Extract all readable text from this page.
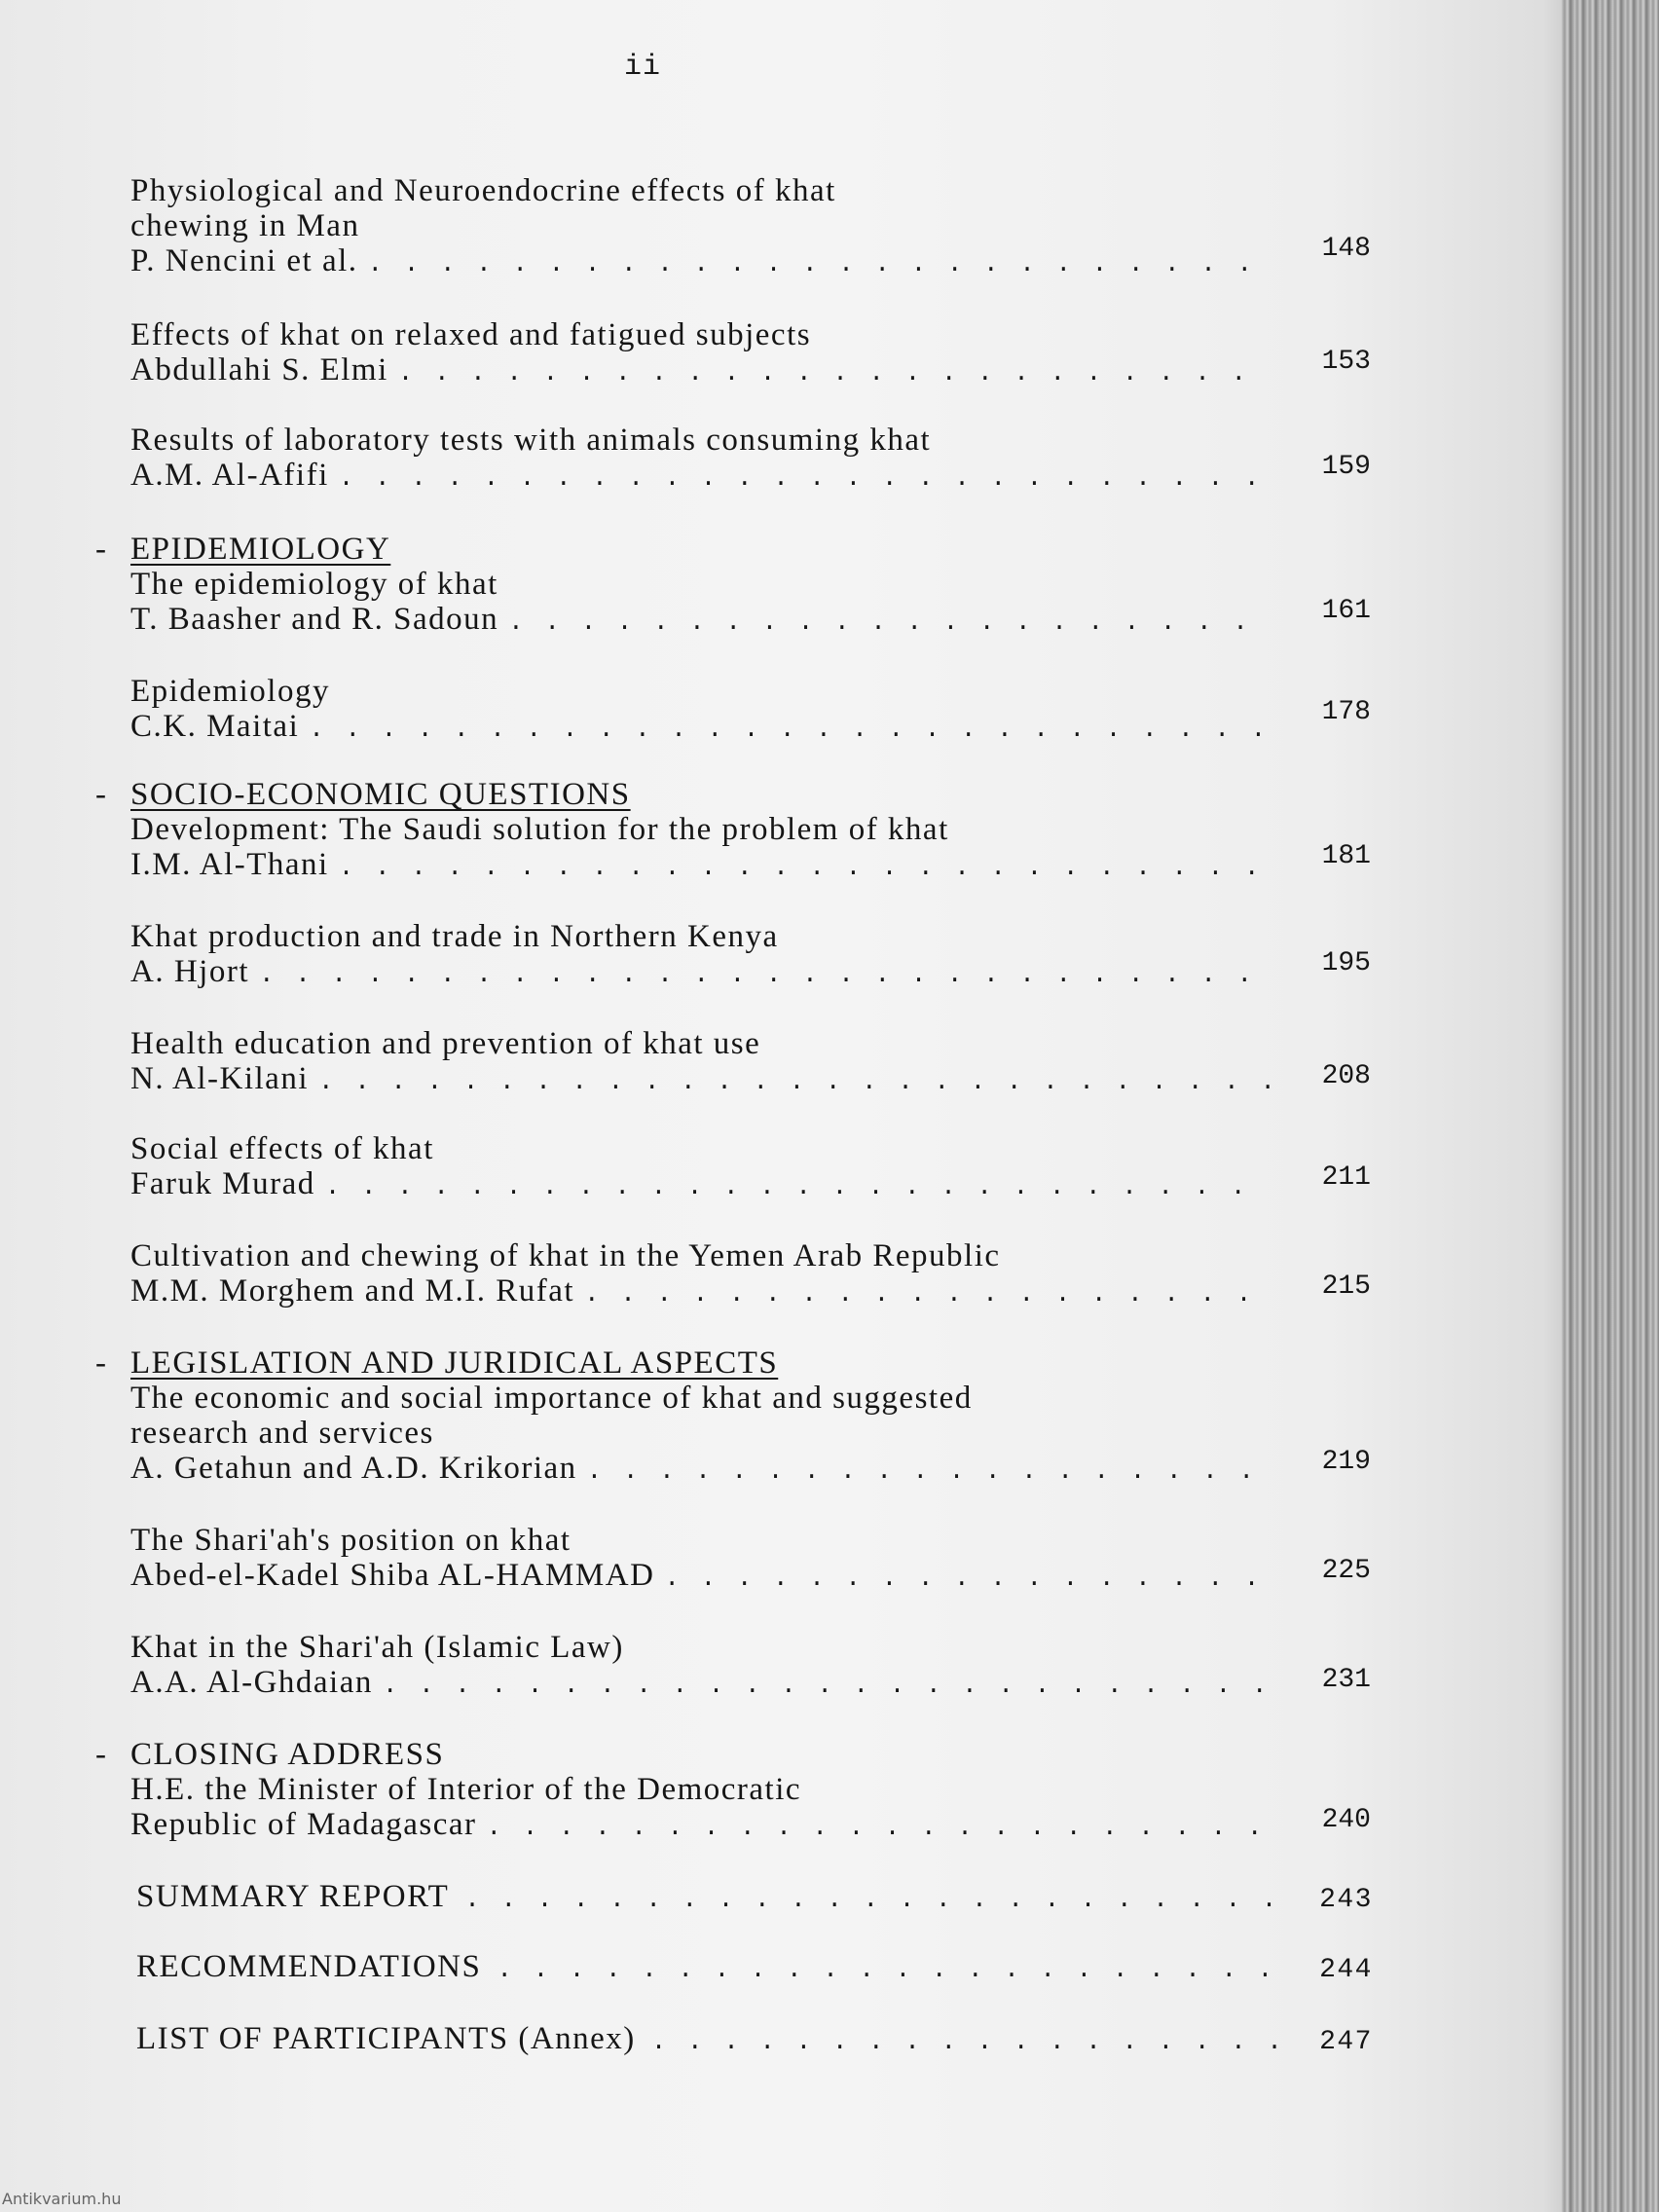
ii
Physiological and Neuroendocrine effects of khat
chewing in Man
P. Nencini et al. . . .	148
Effects of khat on relaxed and fatigued subjects
Abdullahi S. Elmi . . .	153
Results of laboratory tests with animals consuming khat
A.M. Al-Afifi . . .	159
- EPIDEMIOLOGY
The epidemiology of khat
T. Baasher and R. Sadoun . . .	161
Epidemiology
C.K. Maitai . . .	178
- SOCIO-ECONOMIC QUESTIONS
Development: The Saudi solution for the problem of khat
I.M. Al-Thani . . .	181
Khat production and trade in Northern Kenya
A. Hjort . . .	195
Health education and prevention of khat use
N. Al-Kilani . . .	208
Social effects of khat
Faruk Murad . . .	211
Cultivation and chewing of khat in the Yemen Arab Republic
M.M. Morghem and M.I. Rufat . . .	215
- LEGISLATION AND JURIDICAL ASPECTS
The economic and social importance of khat and suggested
research and services
A. Getahun and A.D. Krikorian . . .	219
The Shari'ah's position on khat
Abed-el-Kadel Shiba AL-HAMMAD . . .	225
Khat in the Shari'ah (Islamic Law)
A.A. Al-Ghdaian . . .	231
- CLOSING ADDRESS
H.E. the Minister of Interior of the Democratic
Republic of Madagascar . . .	240
SUMMARY REPORT . . .	243
RECOMMENDATIONS . . .	244
LIST OF PARTICIPANTS (Annex) . . .	247
Antikvarium.hu
